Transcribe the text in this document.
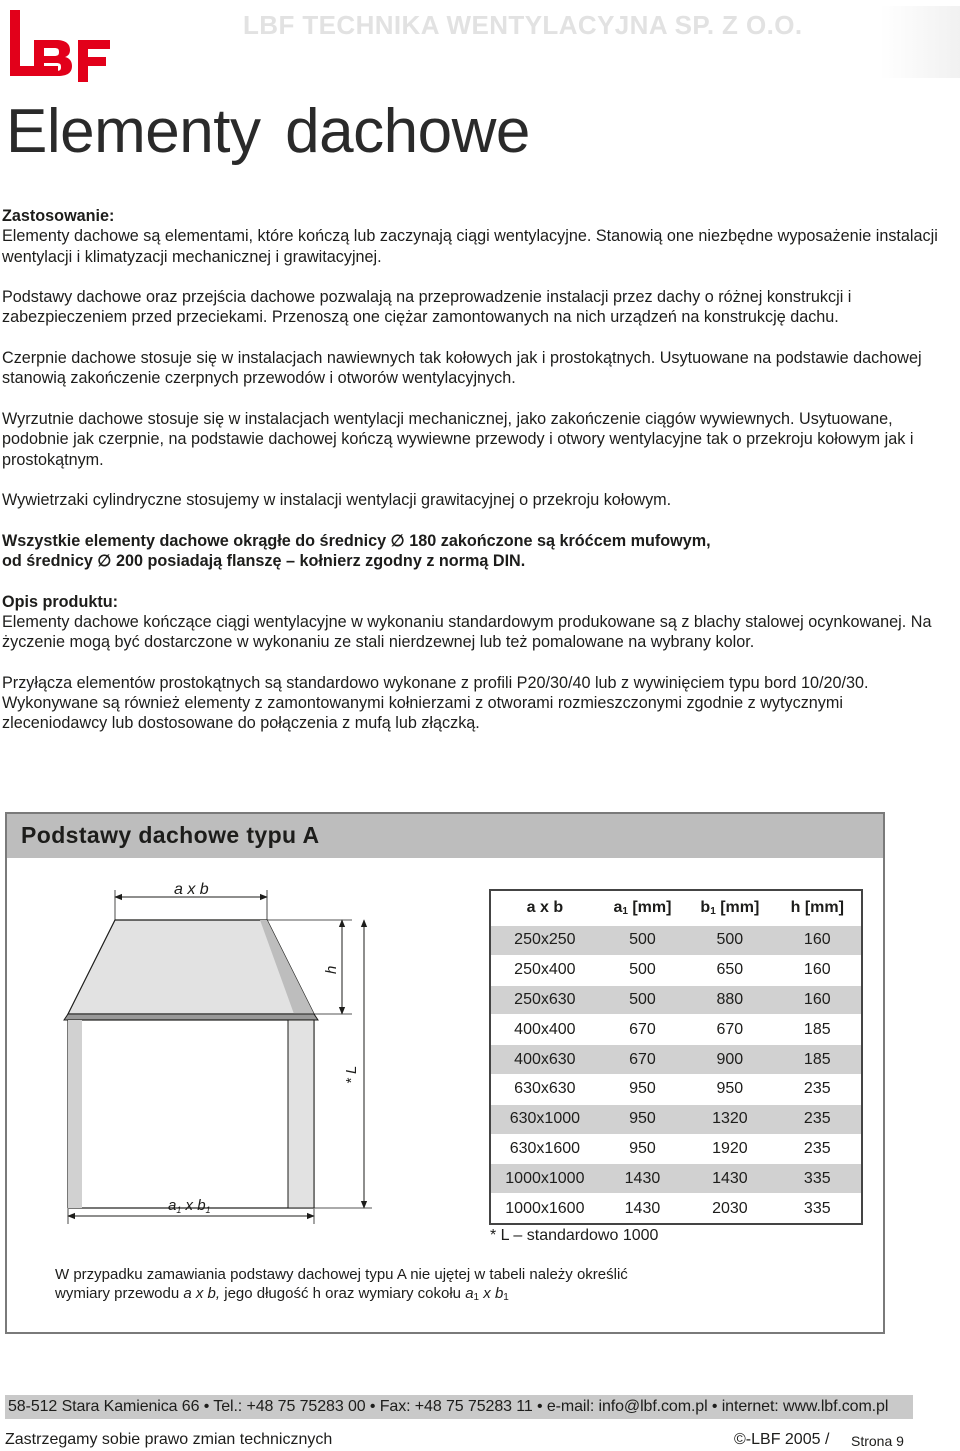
LBF TECHNIKA WENTYLACYJNA SP. Z O.O.
Elementy dachowe

Zastosowanie:
Elementy dachowe są elementami, które kończą lub zaczynają ciągi wentylacyjne. Stanowią one niezbędne wyposażenie instalacji wentylacji i klimatyzacji mechanicznej i grawitacyjnej.

Podstawy dachowe oraz przejścia dachowe pozwalają na przeprowadzenie instalacji przez dachy o różnej konstrukcji i zabezpieczeniem przed przeciekami. Przenoszą one ciężar zamontowanych na nich urządzeń na konstrukcję dachu.

Czerpnie dachowe stosuje się w instalacjach nawiewnych tak kołowych jak i prostokątnych. Usytuowane na podstawie dachowej stanowią zakończenie czerpnych przewodów i otworów wentylacyjnych.

Wyrzutnie dachowe stosuje się w instalacjach wentylacji mechanicznej, jako zakończenie ciągów wywiewnych. Usytuowane, podobnie jak czerpnie, na podstawie dachowej kończą wywiewne przewody i otwory wentylacyjne tak o przekroju kołowym jak i prostokątnym.

Wywietrzaki cylindryczne stosujemy w instalacji wentylacji grawitacyjnej o przekroju kołowym.

Wszystkie elementy dachowe okrągłe do średnicy ∅ 180 zakończone są króćcem mufowym,
od średnicy ∅ 200 posiadają flanszę – kołnierz zgodny z normą DIN.

Opis produktu:
Elementy dachowe kończące ciągi wentylacyjne w wykonaniu standardowym produkowane są z blachy stalowej ocynkowanej. Na życzenie mogą być dostarczone w wykonaniu ze stali nierdzewnej lub też pomalowane na wybrany kolor.

Przyłącza elementów prostokątnych są standardowo wykonane z profili P20/30/40 lub z wywinięciem typu bord 10/20/30. Wykonywane są również elementy z zamontowanymi kołnierzami z otworami rozmieszczonymi zgodnie z wytycznymi zleceniodawcy lub dostosowane do połączenia z mufą lub złączką.

Podstawy dachowe typu A
a x b
h
* L
$a_1$ x $b_1$
a x b	$a_1$ [mm]	$b_1$ [mm]	h [mm]
250x250	500	500	160
250x400	500	650	160
250x630	500	880	160
400x400	670	670	185
400x630	670	900	185
630x630	950	950	235
630x1000	950	1320	235
630x1600	950	1920	235
1000x1000	1430	1430	335
1000x1600	1430	2030	335
* L – standardowo 1000
W przypadku zamawiania podstawy dachowej typu A nie ujętej w tabeli należy określić
wymiary przewodu a x b, jego długość h oraz wymiary cokołu $a_1$ x $b_1$
58-512 Stara Kamienica 66 • Tel.: +48 75 75283 00 • Fax: +48 75 75283 11 • e-mail: info@lbf.com.pl • internet: www.lbf.com.pl
Zastrzegamy sobie prawo zmian technicznych	©-LBF 2005 / Strona 9
